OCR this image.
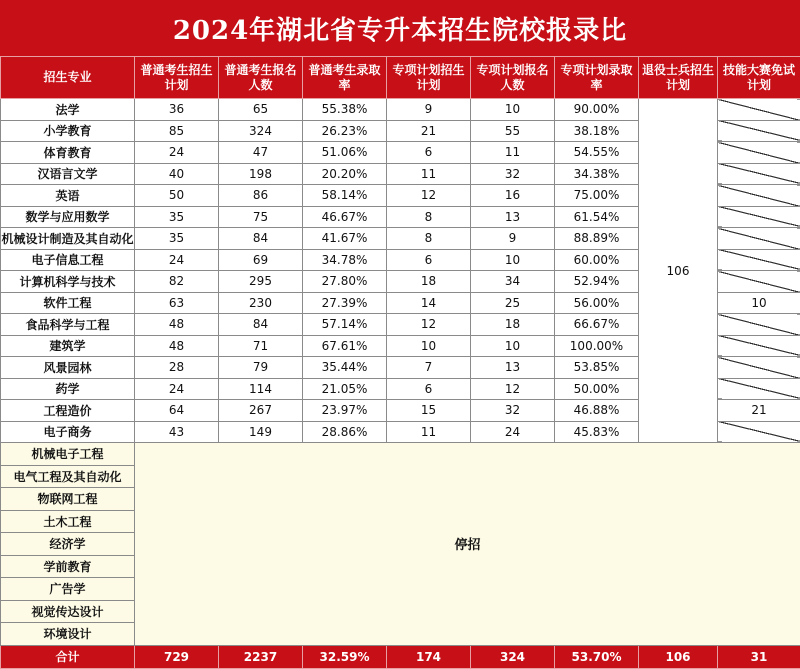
2024年湖北省专升本招生院校报录比
招生专业	普通考生招生计划	普通考生报名人数	普通考生录取率	专项计划招生计划	专项计划报名人数	专项计划录取率	退役士兵招生计划	技能大赛免试计划
法学	36	65	55.38%	9	10	90.00%	106	
小学教育	85	324	26.23%	21	55	38.18%		
体育教育	24	47	51.06%	6	11	54.55%		
汉语言文学	40	198	20.20%	11	32	34.38%		
英语	50	86	58.14%	12	16	75.00%		
数学与应用数学	35	75	46.67%	8	13	61.54%		
机械设计制造及其自动化	35	84	41.67%	8	9	88.89%		
电子信息工程	24	69	34.78%	6	10	60.00%		
计算机科学与技术	82	295	27.80%	18	34	52.94%		
软件工程	63	230	27.39%	14	25	56.00%		10
食品科学与工程	48	84	57.14%	12	18	66.67%		
建筑学	48	71	67.61%	10	10	100.00%		
风景园林	28	79	35.44%	7	13	53.85%		
药学	24	114	21.05%	6	12	50.00%		
工程造价	64	267	23.97%	15	32	46.88%		21
电子商务	43	149	28.86%	11	24	45.83%		
机械电子工程	停招							
电气工程及其自动化								
物联网工程								
土木工程								
经济学								
学前教育								
广告学								
视觉传达设计								
环境设计								
合计	729	2237	32.59%	174	324	53.70%	106	31
